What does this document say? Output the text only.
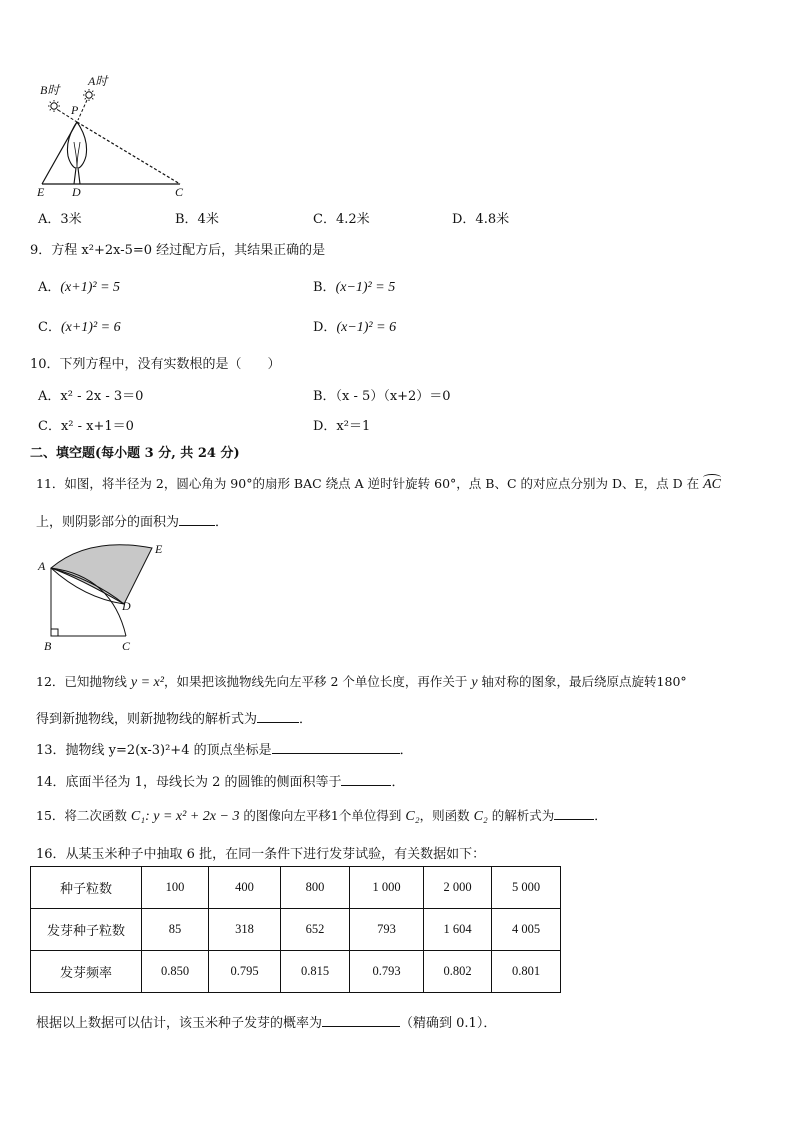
B时
A时
P
E D	C
A．3米	B．4米	C．4.2米	D．4.8米
9．方程 x²+2x-5=0 经过配方后，其结果正确的是
A．(x+1)² = 5	B．(x−1)² = 5
C．(x+1)² = 6	D．(x−1)² = 6
10．下列方程中，没有实数根的是（　　）
A．x² - 2x - 3＝0	B．（x - 5）（x+2）＝0
C．x² - x+1＝0	D．x²＝1
二、填空题(每小题 3 分, 共 24 分)
11．如图，将半径为 2，圆心角为 90°的扇形 BAC 绕点 A 逆时针旋转 60°，点 B、C 的对应点分别为 D、E，点 D 在
AC
上，则阴影部分的面积为	．
A
E
D
B	C
12．已知抛物线 y = x²，如果把该抛物线先向左平移 2 个单位长度，再作关于 y 轴对称的图象，最后绕原点旋转180°
得到新抛物线，则新抛物线的解析式为	．
13．抛物线 y=2(x-3)²+4 的顶点坐标是	．
14．底面半径为 1，母线长为 2 的圆锥的侧面积等于	．
15．将二次函数 C₁: y = x² + 2x − 3 的图像向左平移1个单位得到 C₂，则函数 C₂ 的解析式为	．
16．从某玉米种子中抽取 6 批，在同一条件下进行发芽试验，有关数据如下：
种子粒数	100	400	800	1 000	2 000	5 000
发芽种子粒数	85	318	652	793	1 604	4 005
发芽频率	0.850	0.795	0.815	0.793	0.802	0.801
根据以上数据可以估计，该玉米种子发芽的概率为	（精确到 0.1）．
